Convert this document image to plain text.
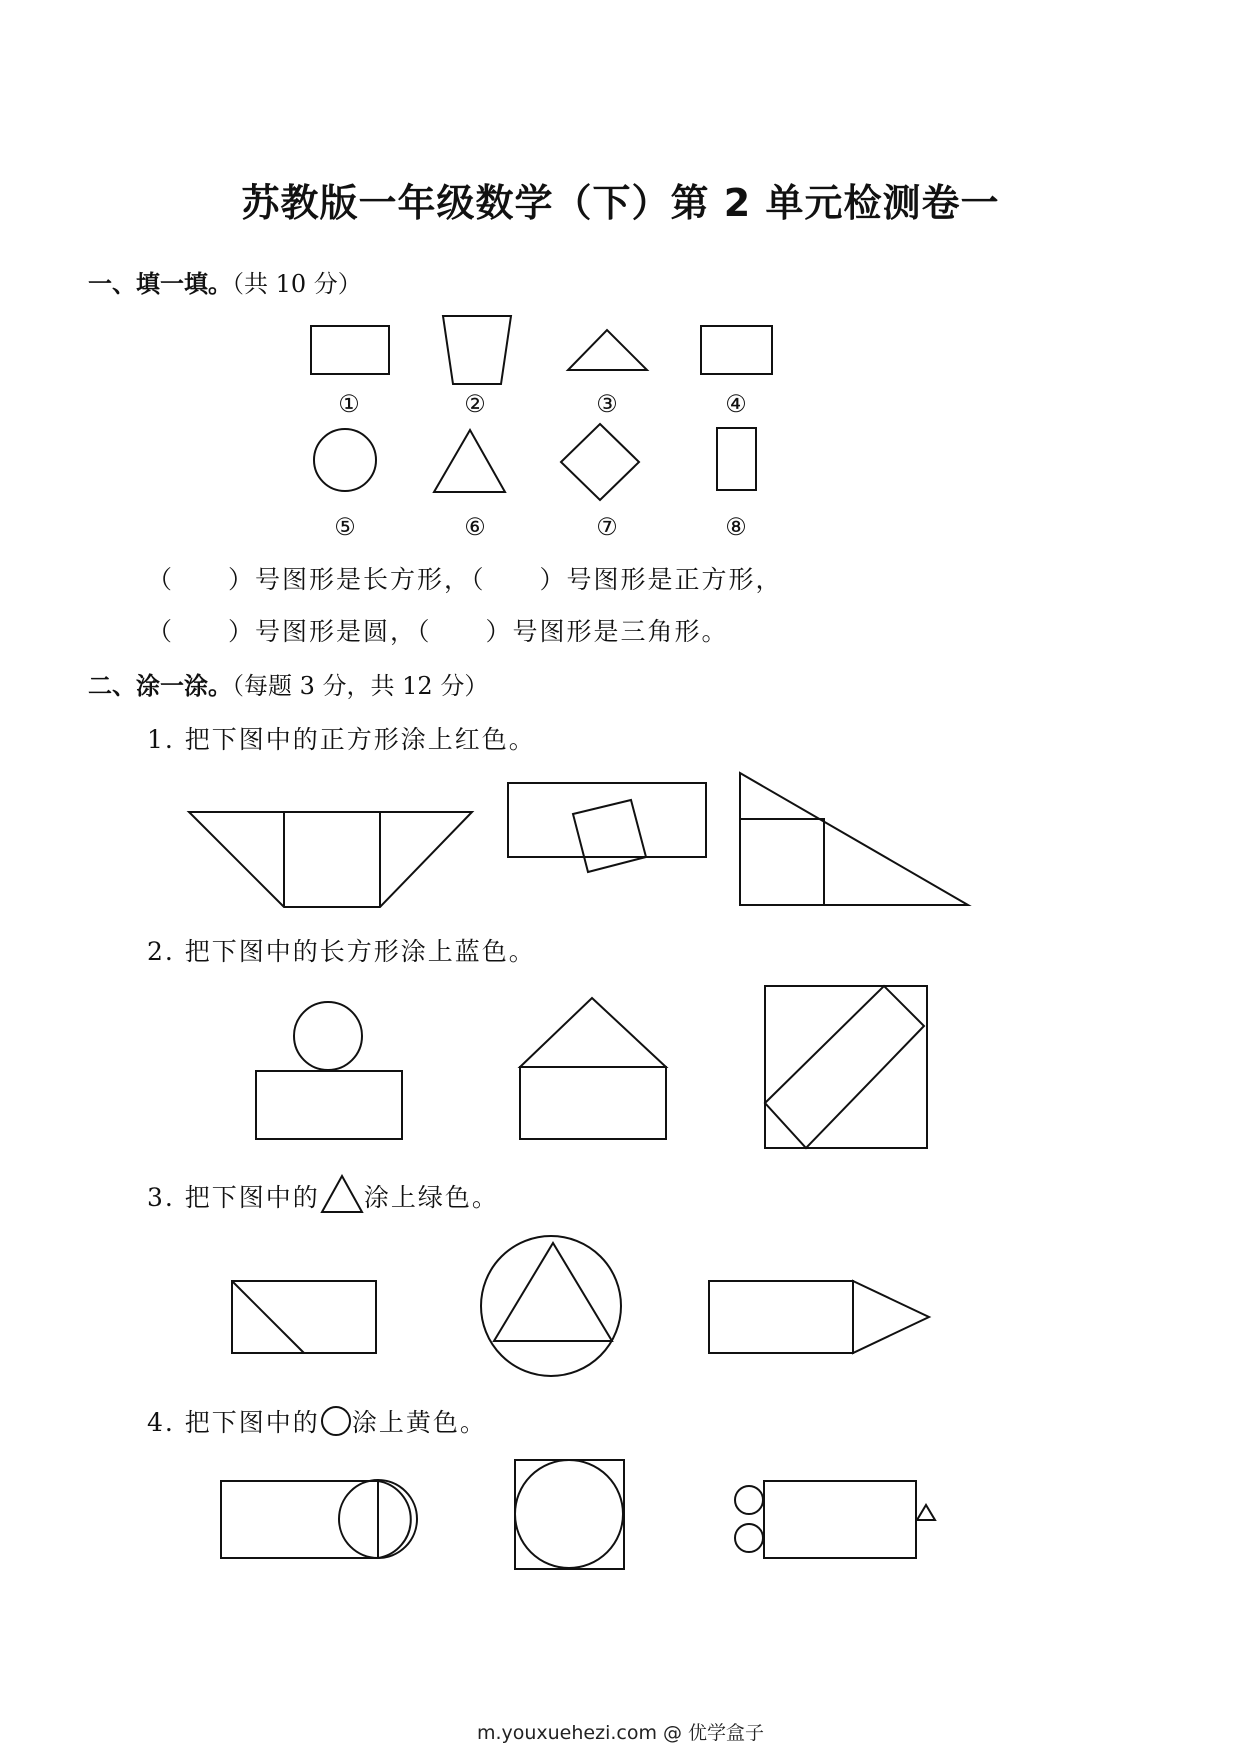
苏教版一年级数学（下）第 2 单元检测卷一
一、填一填。（共 10 分）
①	②	③	④
⑤	⑥	⑦	⑧
（ ）号图形是长方形，（ ）号图形是正方形，
（ ）号图形是圆，（ ）号图形是三角形。
二、涂一涂。（每题 3 分，共 12 分）
1. 把下图中的正方形涂上红色。
2. 把下图中的长方形涂上蓝色。
3. 把下图中的 涂上绿色。
4. 把下图中的 涂上黄色。
m.youxuehezi.com @ 优学盒子
